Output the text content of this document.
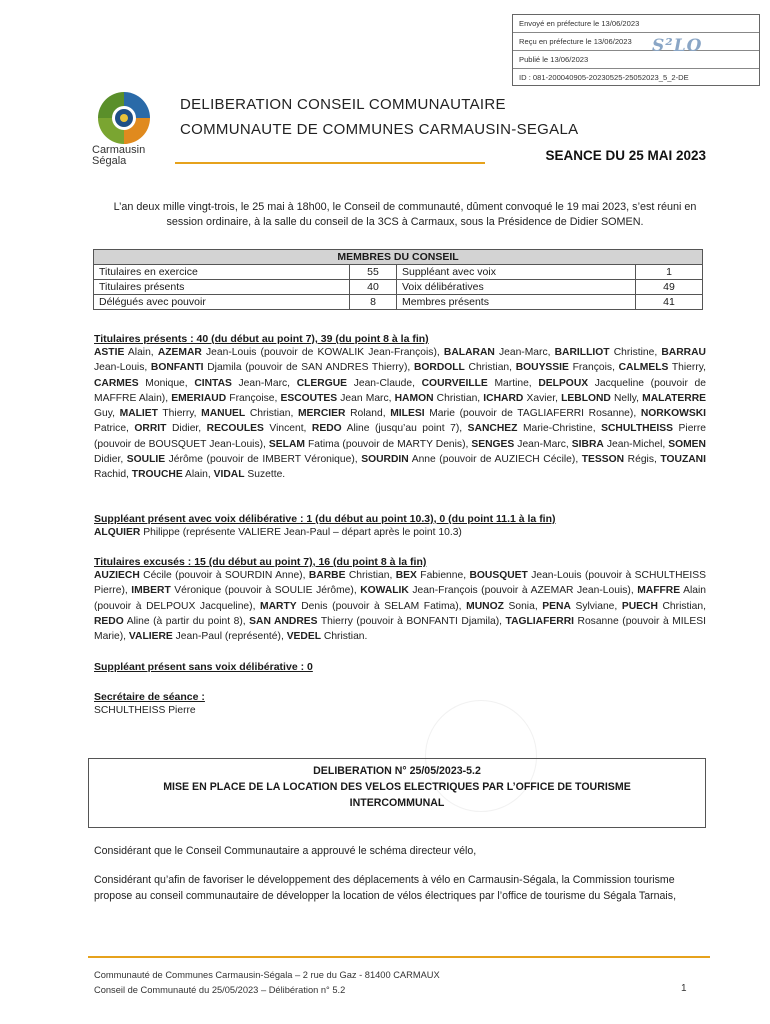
Envoyé en préfecture le 13/06/2023
Reçu en préfecture le 13/06/2023
Publié le 13/06/2023
ID : 081-200040905-20230525-25052023_5_2-DE
S²LO
Carmausin
Ségala
DELIBERATION CONSEIL COMMUNAUTAIRE
COMMUNAUTE DE COMMUNES CARMAUSIN-SEGALA
SEANCE DU 25 MAI 2023
L’an deux mille vingt-trois, le 25 mai à 18h00, le Conseil de communauté, dûment convoqué le 19 mai 2023, s’est réuni en session ordinaire, à la salle du conseil de la 3CS à Carmaux, sous la Présidence de Didier SOMEN.
MEMBRES DU CONSEIL			
Titulaires en exercice	55	Suppléant avec voix	1
Titulaires présents	40	Voix délibératives	49
Délégués avec pouvoir	8	Membres présents	41
Titulaires présents : 40 (du début au point 7), 39 (du point 8 à la fin)
ASTIE Alain, AZEMAR Jean-Louis (pouvoir de KOWALIK Jean-François), BALARAN Jean-Marc, BARILLIOT Christine, BARRAU Jean-Louis, BONFANTI Djamila (pouvoir de SAN ANDRES Thierry), BORDOLL Christian, BOUYSSIE François, CALMELS Thierry, CARMES Monique, CINTAS Jean-Marc, CLERGUE Jean-Claude, COURVEILLE Martine, DELPOUX Jacqueline (pouvoir de MAFFRE Alain), EMERIAUD Françoise, ESCOUTES Jean Marc, HAMON Christian, ICHARD Xavier, LEBLOND Nelly, MALATERRE Guy, MALIET Thierry, MANUEL Christian, MERCIER Roland, MILESI Marie (pouvoir de TAGLIAFERRI Rosanne), NORKOWSKI Patrice, ORRIT Didier, RECOULES Vincent, REDO Aline (jusqu’au point 7), SANCHEZ Marie-Christine, SCHULTHEISS Pierre (pouvoir de BOUSQUET Jean-Louis), SELAM Fatima (pouvoir de MARTY Denis), SENGES Jean-Marc, SIBRA Jean-Michel, SOMEN Didier, SOULIE Jérôme (pouvoir de IMBERT Véronique), SOURDIN Anne (pouvoir de AUZIECH Cécile), TESSON Régis, TOUZANI Rachid, TROUCHE Alain, VIDAL Suzette.
Suppléant présent avec voix délibérative : 1 (du début au point 10.3), 0 (du point 11.1 à la fin)
ALQUIER Philippe (représente VALIERE Jean-Paul – départ après le point 10.3)
Titulaires excusés : 15 (du début au point 7), 16 (du point 8 à la fin)
AUZIECH Cécile (pouvoir à SOURDIN Anne), BARBE Christian, BEX Fabienne, BOUSQUET Jean-Louis (pouvoir à SCHULTHEISS Pierre), IMBERT Véronique (pouvoir à SOULIE Jérôme), KOWALIK Jean-François (pouvoir à AZEMAR Jean-Louis), MAFFRE Alain (pouvoir à DELPOUX Jacqueline), MARTY Denis (pouvoir à SELAM Fatima), MUNOZ Sonia, PENA Sylviane, PUECH Christian, REDO Aline (à partir du point 8), SAN ANDRES Thierry (pouvoir à BONFANTI Djamila), TAGLIAFERRI Rosanne (pouvoir à MILESI Marie), VALIERE Jean-Paul (représenté), VEDEL Christian.
Suppléant présent sans voix délibérative : 0
Secrétaire de séance :
SCHULTHEISS Pierre
DELIBERATION N° 25/05/2023-5.2
MISE EN PLACE DE LA LOCATION DES VELOS ELECTRIQUES PAR L’OFFICE DE TOURISME
INTERCOMMUNAL
Considérant que le Conseil Communautaire a approuvé le schéma directeur vélo,
Considérant qu’afin de favoriser le développement des déplacements à vélo en Carmausin-Ségala, la Commission tourisme propose au conseil communautaire de développer la location de vélos électriques par l’office de tourisme du Ségala Tarnais,
Communauté de Communes Carmausin-Ségala – 2 rue du Gaz - 81400 CARMAUX
Conseil de Communauté du 25/05/2023 – Délibération n° 5.2	1
